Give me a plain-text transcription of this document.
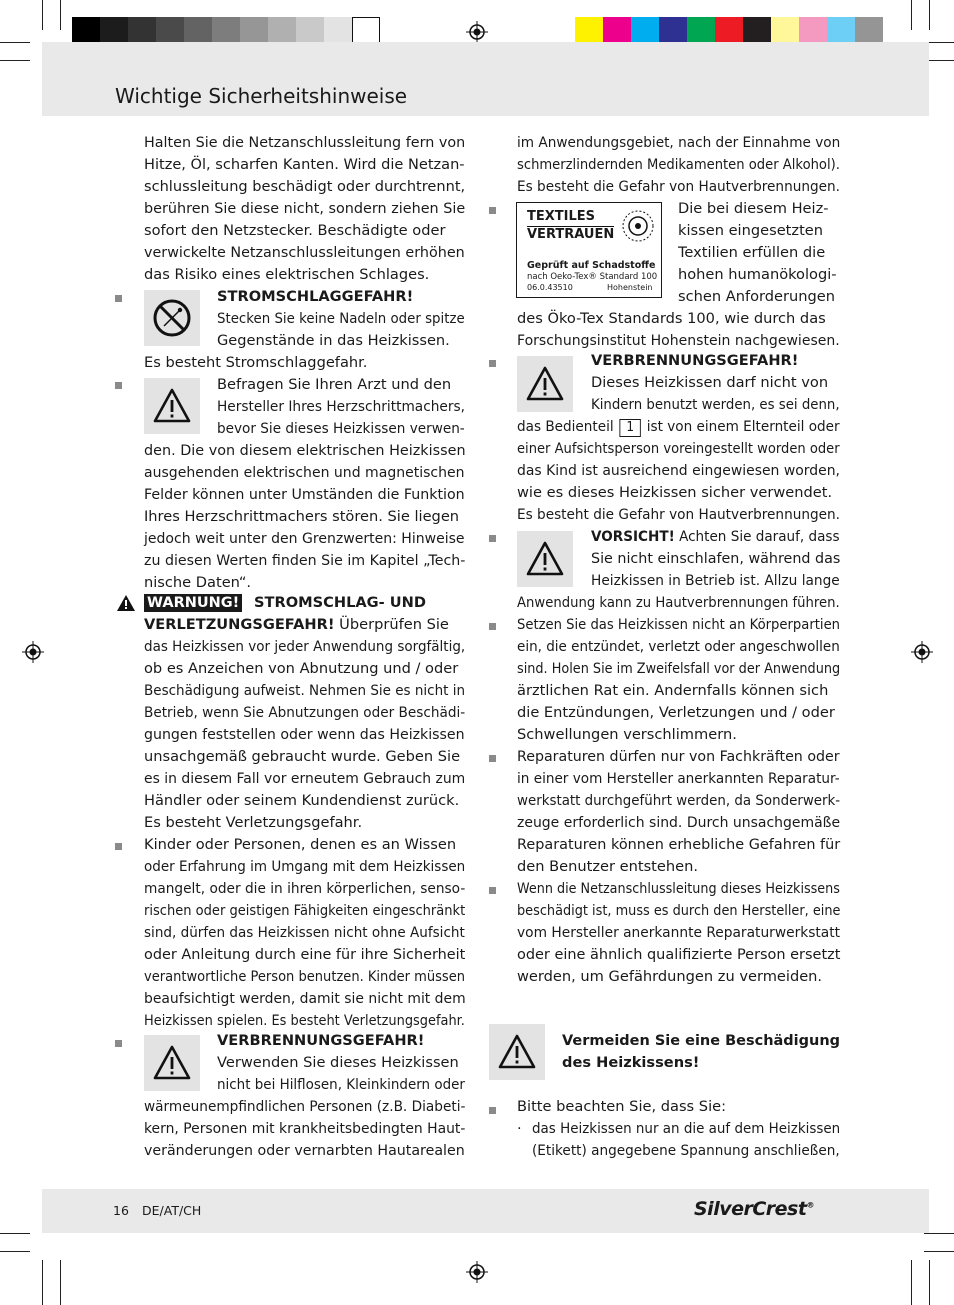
Wichtige Sicherheitshinweise
Halten Sie die Netzanschlussleitung fern von
Hitze, Öl, scharfen Kanten. Wird die Netzan-
schlussleitung beschädigt oder durchtrennt,
berühren Sie diese nicht, sondern ziehen Sie
sofort den Netzstecker. Beschädigte oder
verwickelte Netzanschlussleitungen erhöhen
das Risiko eines elektrischen Schlages.
STROMSCHLAGGEFAHR!
Stecken Sie keine Nadeln oder spitze
Gegenstände in das Heizkissen.
Es besteht Stromschlaggefahr.
Befragen Sie Ihren Arzt und den
Hersteller Ihres Herzschrittmachers,
bevor Sie dieses Heizkissen verwen-
den. Die von diesem elektrischen Heizkissen
ausgehenden elektrischen und magnetischen
Felder können unter Umständen die Funktion
Ihres Herzschrittmachers stören. Sie liegen
jedoch weit unter den Grenzwerten: Hinweise
zu diesen Werten finden Sie im Kapitel „Tech-
nische Daten“.
WARNUNG! STROMSCHLAG- UND
VERLETZUNGSGEFAHR! Überprüfen Sie
das Heizkissen vor jeder Anwendung sorgfältig,
ob es Anzeichen von Abnutzung und / oder
Beschädigung aufweist. Nehmen Sie es nicht in
Betrieb, wenn Sie Abnutzungen oder Beschädi-
gungen feststellen oder wenn das Heizkissen
unsachgemäß gebraucht wurde. Geben Sie
es in diesem Fall vor erneutem Gebrauch zum
Händler oder seinem Kundendienst zurück.
Es besteht Verletzungsgefahr.
Kinder oder Personen, denen es an Wissen
oder Erfahrung im Umgang mit dem Heizkissen
mangelt, oder die in ihren körperlichen, senso-
rischen oder geistigen Fähigkeiten eingeschränkt
sind, dürfen das Heizkissen nicht ohne Aufsicht
oder Anleitung durch eine für ihre Sicherheit
verantwortliche Person benutzen. Kinder müssen
beaufsichtigt werden, damit sie nicht mit dem
Heizkissen spielen. Es besteht Verletzungsgefahr.
VERBRENNUNGSGEFAHR!
Verwenden Sie dieses Heizkissen
nicht bei Hilflosen, Kleinkindern oder
wärmeunempfindlichen Personen (z.B. Diabeti-
kern, Personen mit krankheitsbedingten Haut-
veränderungen oder vernarbten Hautarealen
im Anwendungsgebiet, nach der Einnahme von
schmerzlindernden Medikamenten oder Alkohol).
Es besteht die Gefahr von Hautverbrennungen.
TEXTILES
VERTRAUEN
Geprüft auf Schadstoffe
nach Oeko-Tex® Standard 100
06.0.43510	Hohenstein
Die bei diesem Heiz-
kissen eingesetzten
Textilien erfüllen die
hohen humanökologi-
schen Anforderungen
des Öko-Tex Standards 100, wie durch das
Forschungsinstitut Hohenstein nachgewiesen.
VERBRENNUNGSGEFAHR!
Dieses Heizkissen darf nicht von
Kindern benutzt werden, es sei denn,
das Bedienteil 1 ist von einem Elternteil oder
einer Aufsichtsperson voreingestellt worden oder
das Kind ist ausreichend eingewiesen worden,
wie es dieses Heizkissen sicher verwendet.
Es besteht die Gefahr von Hautverbrennungen.
VORSICHT! Achten Sie darauf, dass
Sie nicht einschlafen, während das
Heizkissen in Betrieb ist. Allzu lange
Anwendung kann zu Hautverbrennungen führen.
Setzen Sie das Heizkissen nicht an Körperpartien
ein, die entzündet, verletzt oder angeschwollen
sind. Holen Sie im Zweifelsfall vor der Anwendung
ärztlichen Rat ein. Andernfalls können sich
die Entzündungen, Verletzungen und / oder
Schwellungen verschlimmern.
Reparaturen dürfen nur von Fachkräften oder
in einer vom Hersteller anerkannten Reparatur-
werkstatt durchgeführt werden, da Sonderwerk-
zeuge erforderlich sind. Durch unsachgemäße
Reparaturen können erhebliche Gefahren für
den Benutzer entstehen.
Wenn die Netzanschlussleitung dieses Heizkissens
beschädigt ist, muss es durch den Hersteller, eine
vom Hersteller anerkannte Reparaturwerkstatt
oder eine ähnlich qualifizierte Person ersetzt
werden, um Gefährdungen zu vermeiden.
Vermeiden Sie eine Beschädigung
des Heizkissens!
Bitte beachten Sie, dass Sie:
· das Heizkissen nur an die auf dem Heizkissen
(Etikett) angegebene Spannung anschließen,
16 DE/AT/CH	SilverCrest®
